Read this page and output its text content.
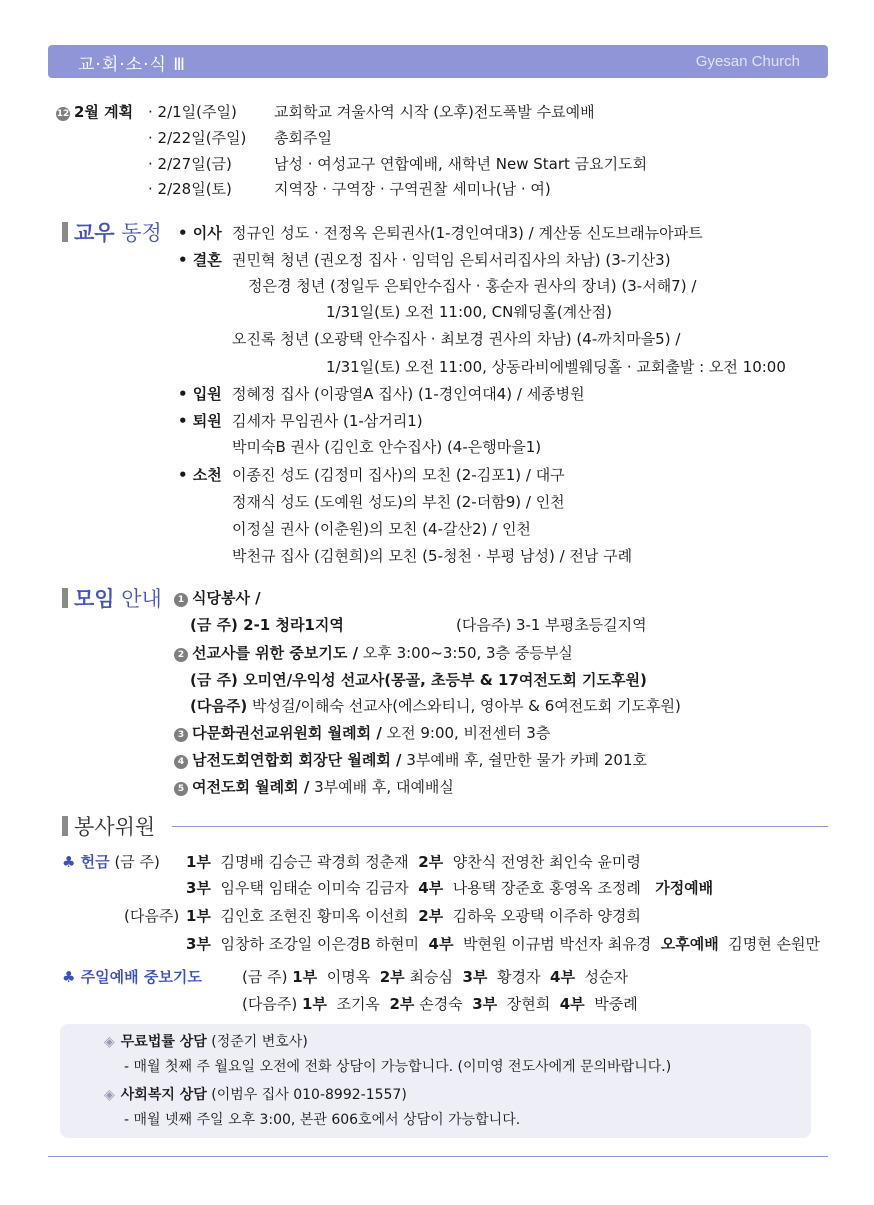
교·회·소·식 Ⅲ	Gyesan Church
12 2월 계획 · 2/1일(주일) 교회학교 겨울사역 시작 (오후)전도폭발 수료예배
· 2/22일(주일) 총회주일
· 2/27일(금)	남성 · 여성교구 연합예배, 새학년 New Start 금요기도회
· 2/28일(토)	지역장 · 구역장 · 구역권찰 세미나(남 · 여)
교우 동정 • 이사 정규인 성도 · 전정옥 은퇴권사(1-경인여대3) / 계산동 신도브래뉴아파트
• 결혼 권민혁 청년 (권오정 집사 · 임덕임 은퇴서리집사의 차남) (3-기산3)
정은경 청년 (정일두 은퇴안수집사 · 홍순자 권사의 장녀) (3-서해7) /
1/31일(토) 오전 11:00, CN웨딩홀(계산점)
오진록 청년 (오광택 안수집사 · 최보경 권사의 차남) (4-까치마을5) /
1/31일(토) 오전 11:00, 상동라비에벨웨딩홀 · 교회출발 : 오전 10:00
• 입원 정혜정 집사 (이광열A 집사) (1-경인여대4) / 세종병원
• 퇴원 김세자 무임권사 (1-삼거리1)
박미숙B 권사 (김인호 안수집사) (4-은행마을1)
• 소천 이종진 성도 (김정미 집사)의 모친 (2-김포1) / 대구
정재식 성도 (도예원 성도)의 부친 (2-더함9) / 인천
이정실 권사 (이춘원)의 모친 (4-갈산2) / 인천
박천규 집사 (김현희)의 모친 (5-청천 · 부평 남성) / 전남 구례
모임 안내	1 식당봉사 /
(금 주) 2-1 청라1지역	(다음주) 3-1 부평초등길지역
2 선교사를 위한 중보기도 / 오후 3:00~3:50, 3층 중등부실
(금 주) 오미연/우익성 선교사(몽골, 초등부 & 17여전도회 기도후원)
(다음주) 박성걸/이해숙 선교사(에스와티니, 영아부 & 6여전도회 기도후원)
3 다문화권선교위원회 월례회 / 오전 9:00, 비전센터 3층
4 남전도회연합회 회장단 월례회 / 3부예배 후, 쉴만한 물가 카페 201호
5 여전도회 월례회 / 3부예배 후, 대예배실
봉사위원
♣ 헌금 (금 주) 1부 김명배 김승근 곽경희 정춘재 2부 양찬식 전영찬 최인숙 윤미령
3부 임우택 임태순 이미숙 김금자 4부 나용택 장준호 홍영옥 조정례 가정예배
(다음주) 1부 김인호 조현진 황미옥 이선희 2부 김하욱 오광택 이주하 양경희
3부 임창하 조강일 이은경B 하현미 4부 박현원 이규범 박선자 최유경 오후예배 김명현 손원만
♣ 주일예배 중보기도	(금 주) 1부 이명옥 2부 최승심 3부 황경자 4부 성순자
(다음주) 1부 조기옥 2부 손경숙 3부 장현희 4부 박중례
◈ 무료법률 상담 (정준기 변호사)
- 매월 첫째 주 월요일 오전에 전화 상담이 가능합니다. (이미영 전도사에게 문의바랍니다.)
◈ 사회복지 상담 (이범우 집사 010-8992-1557)
- 매월 넷째 주일 오후 3:00, 본관 606호에서 상담이 가능합니다.
